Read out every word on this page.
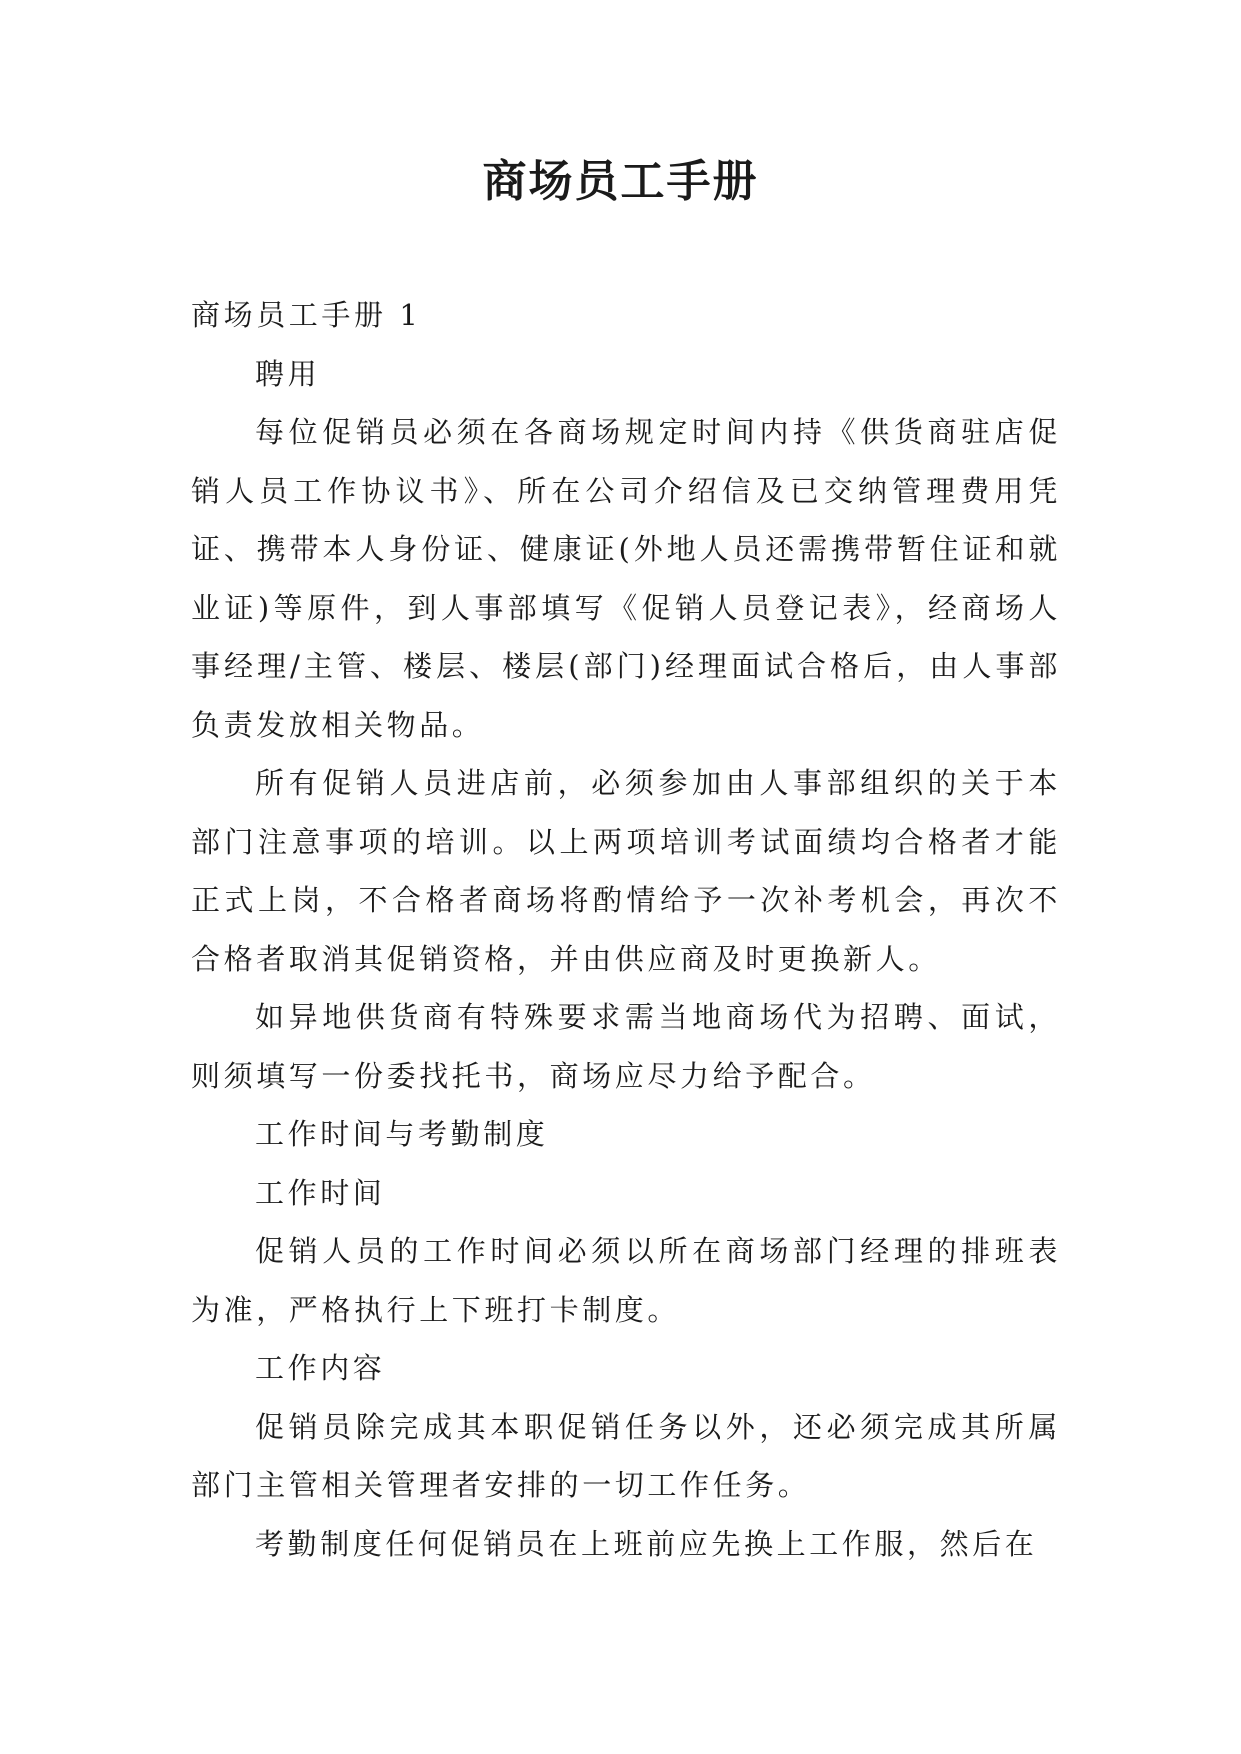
商场员工手册

商场员工手册 1

聘用

每位促销员必须在各商场规定时间内持《供货商驻店促销人员工作协议书》、所在公司介绍信及已交纳管理费用凭证、携带本人身份证、健康证(外地人员还需携带暂住证和就业证)等原件，到人事部填写《促销人员登记表》，经商场人事经理/主管、楼层、楼层(部门)经理面试合格后，由人事部负责发放相关物品。

所有促销人员进店前，必须参加由人事部组织的关于本部门注意事项的培训。以上两项培训考试面绩均合格者才能正式上岗，不合格者商场将酌情给予一次补考机会，再次不合格者取消其促销资格，并由供应商及时更换新人。

如异地供货商有特殊要求需当地商场代为招聘、面试，则须填写一份委找托书，商场应尽力给予配合。

工作时间与考勤制度

工作时间

促销人员的工作时间必须以所在商场部门经理的排班表为准，严格执行上下班打卡制度。

工作内容

促销员除完成其本职促销任务以外，还必须完成其所属部门主管相关管理者安排的一切工作任务。

考勤制度任何促销员在上班前应先换上工作服，然后在
